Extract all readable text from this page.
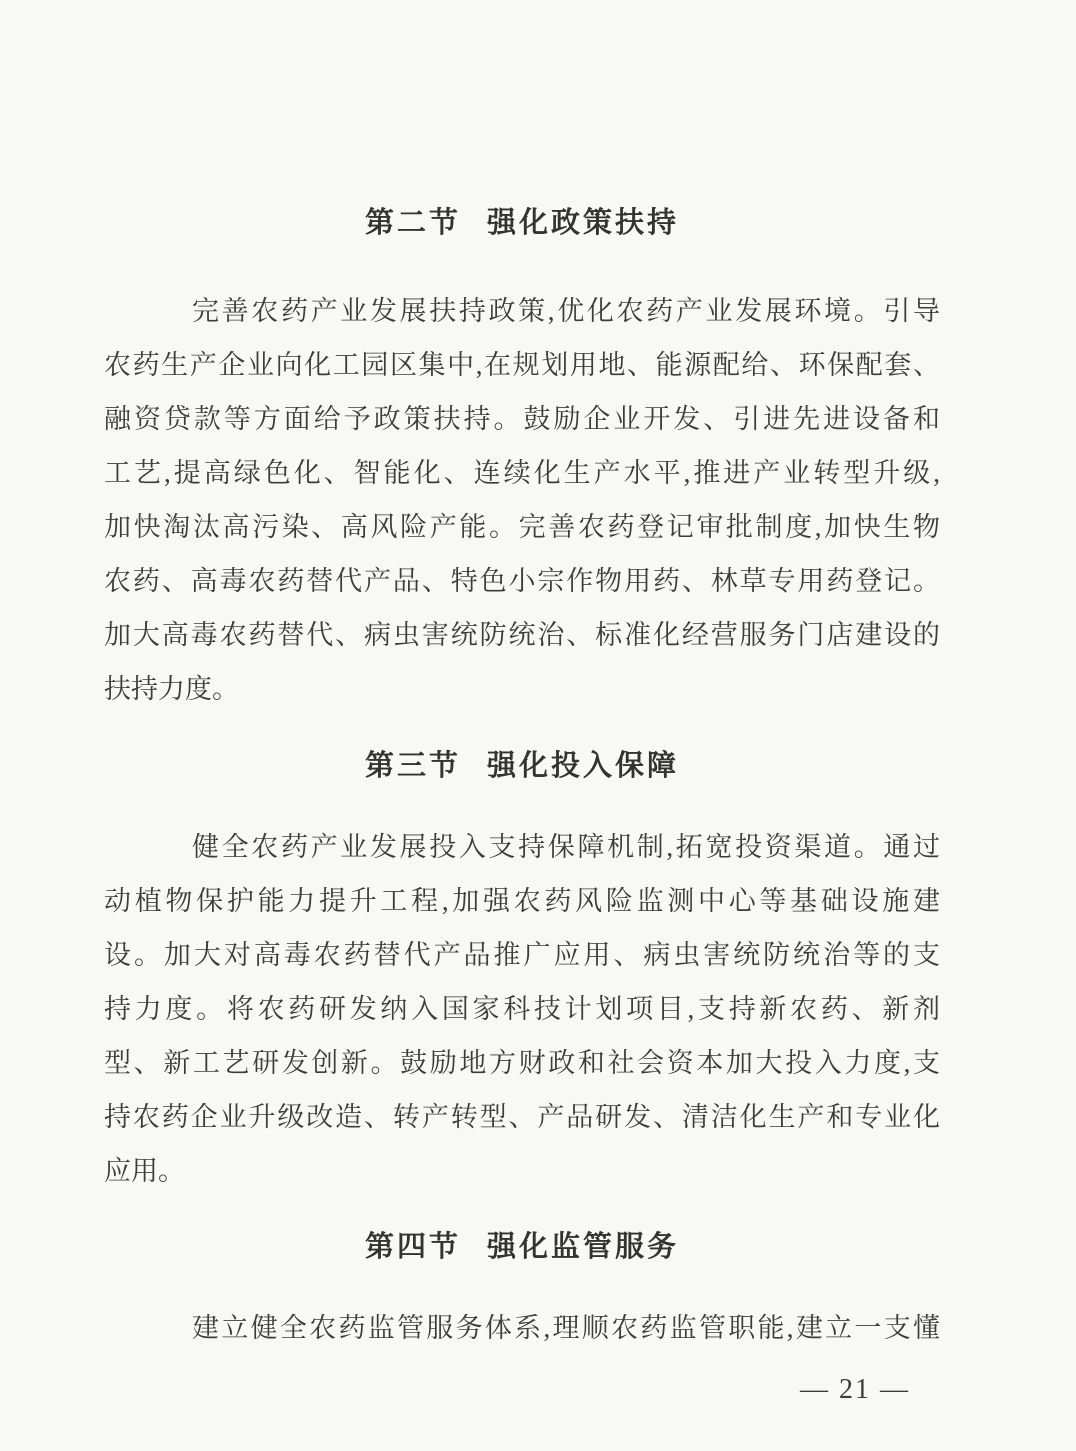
第二节 强化政策扶持
完善农药产业发展扶持政策,优化农药产业发展环境。引导
农药生产企业向化工园区集中,在规划用地、能源配给、环保配套、
融资贷款等方面给予政策扶持。鼓励企业开发、引进先进设备和
工艺,提高绿色化、智能化、连续化生产水平,推进产业转型升级,
加快淘汰高污染、高风险产能。完善农药登记审批制度,加快生物
农药、高毒农药替代产品、特色小宗作物用药、林草专用药登记。
加大高毒农药替代、病虫害统防统治、标准化经营服务门店建设的
扶持力度。
第三节 强化投入保障
健全农药产业发展投入支持保障机制,拓宽投资渠道。通过
动植物保护能力提升工程,加强农药风险监测中心等基础设施建
设。加大对高毒农药替代产品推广应用、病虫害统防统治等的支
持力度。将农药研发纳入国家科技计划项目,支持新农药、新剂
型、新工艺研发创新。鼓励地方财政和社会资本加大投入力度,支
持农药企业升级改造、转产转型、产品研发、清洁化生产和专业化
应用。
第四节 强化监管服务
建立健全农药监管服务体系,理顺农药监管职能,建立一支懂
— 21 —
